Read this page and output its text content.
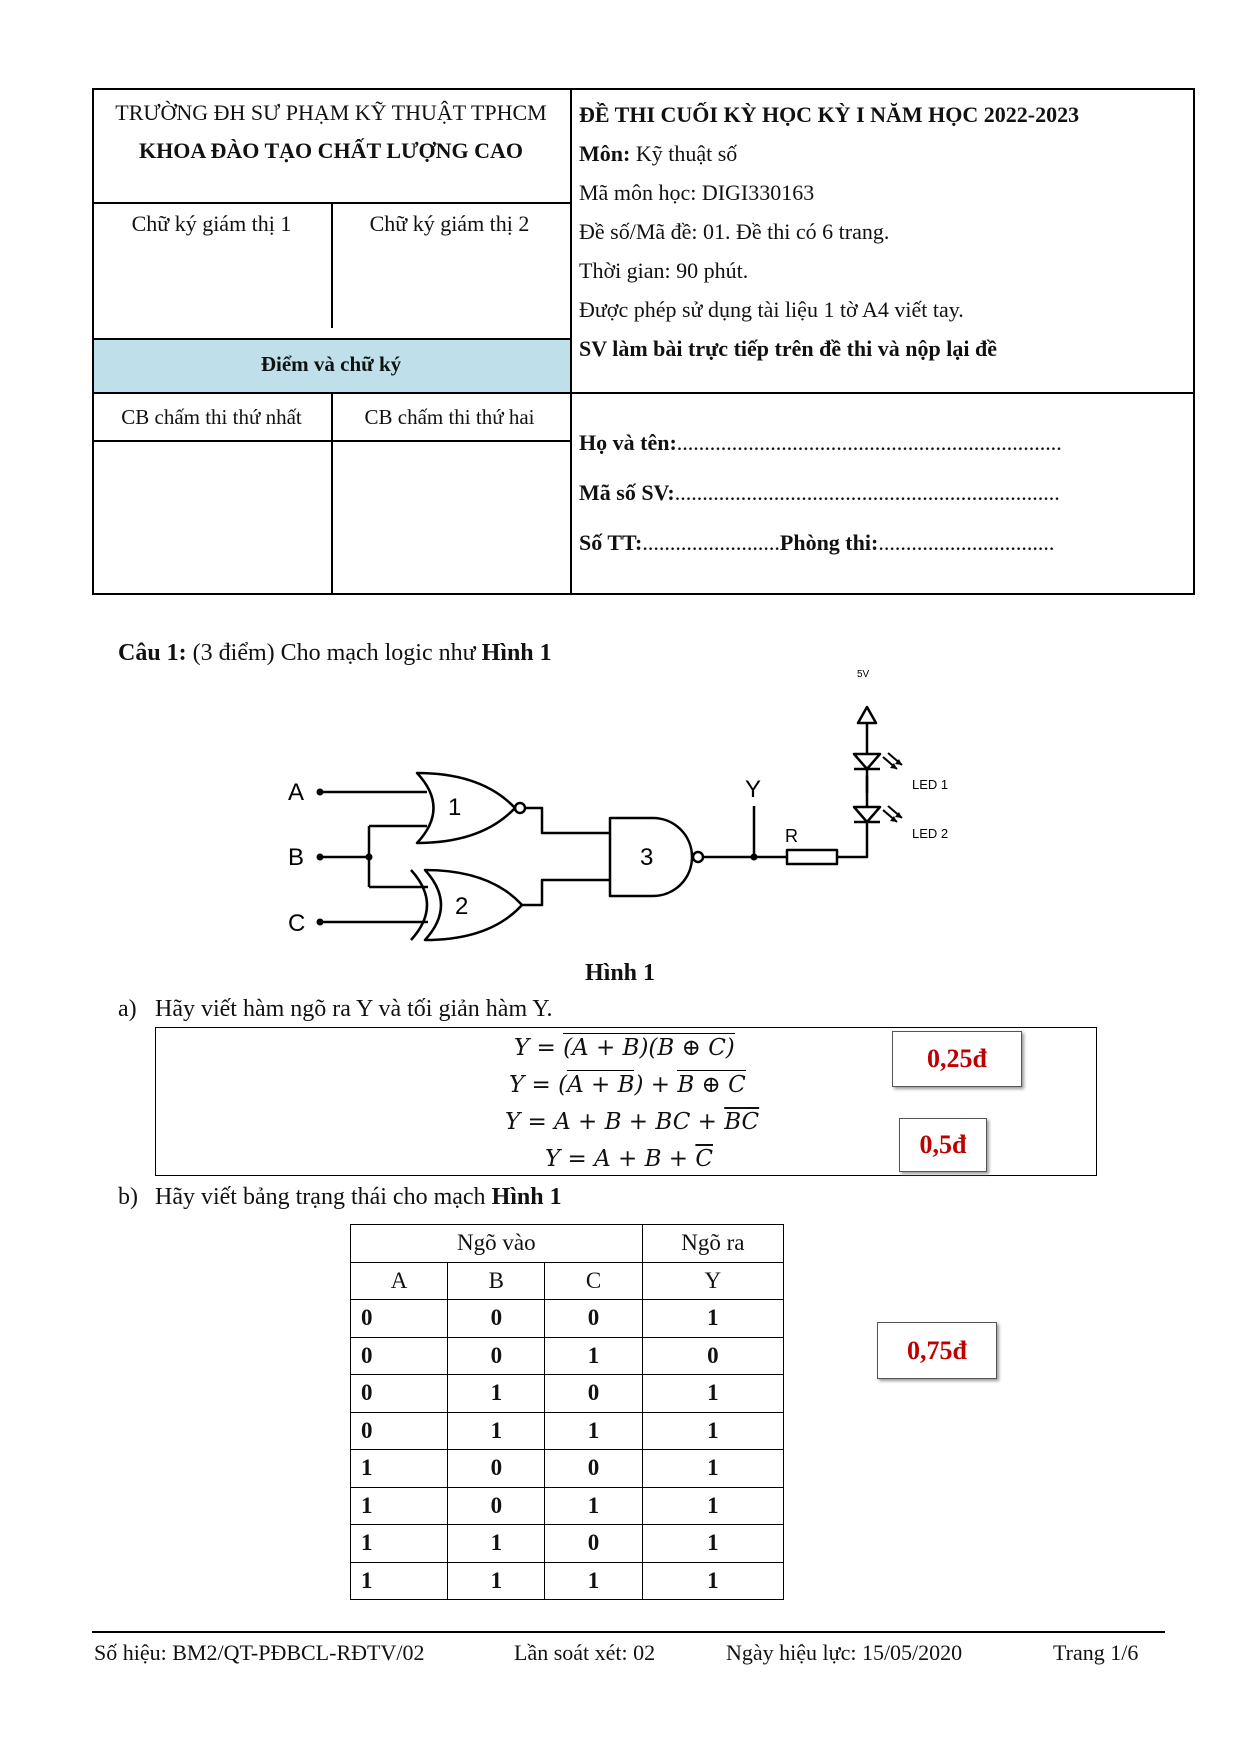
TRƯỜNG ĐH SƯ PHẠM KỸ THUẬT TPHCM
KHOA ĐÀO TẠO CHẤT LƯỢNG CAO
Chữ ký giám thị 1	Chữ ký giám thị 2
Điểm và chữ ký
CB chấm thi thứ nhất	CB chấm thi thứ hai
ĐỀ THI CUỐI KỲ HỌC KỲ I NĂM HỌC 2022-2023
Môn: Kỹ thuật số
Mã môn học: DIGI330163
Đề số/Mã đề: 01. Đề thi có 6 trang.
Thời gian: 90 phút.
Được phép sử dụng tài liệu 1 tờ A4 viết tay.
SV làm bài trực tiếp trên đề thi và nộp lại đề
Họ và tên:......................................................................
Mã số SV:......................................................................
Số TT:.........................Phòng thi:................................
Câu 1: (3 điểm) Cho mạch logic như Hình 1
A
B
C
1
2
3
Y
R
5V
LED 1
LED 2
Hình 1
a) Hãy viết hàm ngõ ra Y và tối giản hàm Y.
Y = (A + B)(B ⊕ C)
Y = (A + B) + B ⊕ C
Y = A + B + BC + $\overline{B}\overline{C}$
$Y = A + B + \overline{C}$
0,25đ
0,5đ
b) Hãy viết bảng trạng thái cho mạch Hình 1
Ngõ vào			Ngõ ra
A	B	C	Y
0	0	0	1
0	0	1	0
0	1	0	1
0	1	1	1
1	0	0	1
1	0	1	1
1	1	0	1
1	1	1	1
0,75đ
Số hiệu: BM2/QT-PĐBCL-RĐTV/02	Lần soát xét: 02	Ngày hiệu lực: 15/05/2020	Trang 1/6
